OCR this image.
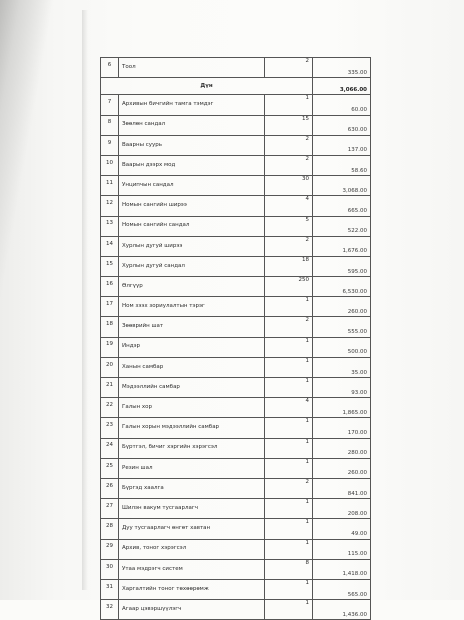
6	Тоол	2	335.00
Дүн			3,066.00
7	Архивын бичгийн тамга тэмдэг	1	60.00
8	Зөөлөн сандал	15	630.00
9	Ваарны суурь	2	137.00
10	Ваарын дээрх мод	2	58.60
11	Унципчын сандал	30	3,068.00
12	Номын сангийн ширээ	4	665.00
13	Номын сангийн сандал	5	522.00
14	Хурлын дугуй ширээ	2	1,676.00
15	Хурлын дугуй сандал	18	595.00
16	Өлгүүр	250	6,530.00
17	Ном зээх зориулалтын тэрэг	1	260.00
18	Зөөврийн шат	2	555.00
19	Индэр	1	500.00
20	Ханын самбар	1	35.00
21	Мэдээллийн самбар	1	93.00
22	Галын хор	4	1,865.00
23	Галын хорын мэдээллийн самбар	1	170.00
24	Бүртгэл, бичиг хэргийн хэрэгсэл	1	280.00
25	Резин шал	1	260.00
26	Бүргэд хаалга	2	841.00
27	Шилэн вакум тусгаарлагч	1	208.00
28	Дуу тусгаарлагч өнгөт хавтан	1	49.00
29	Архив, тоног хэрэгсэл	1	115.00
30	Утаа мэдрэгч систем	8	1,418.00
31	Харгалтийн тоног төхөөрөмж	1	565.00
32	Агаар цэвэршүүлэгч	1	1,436.00
